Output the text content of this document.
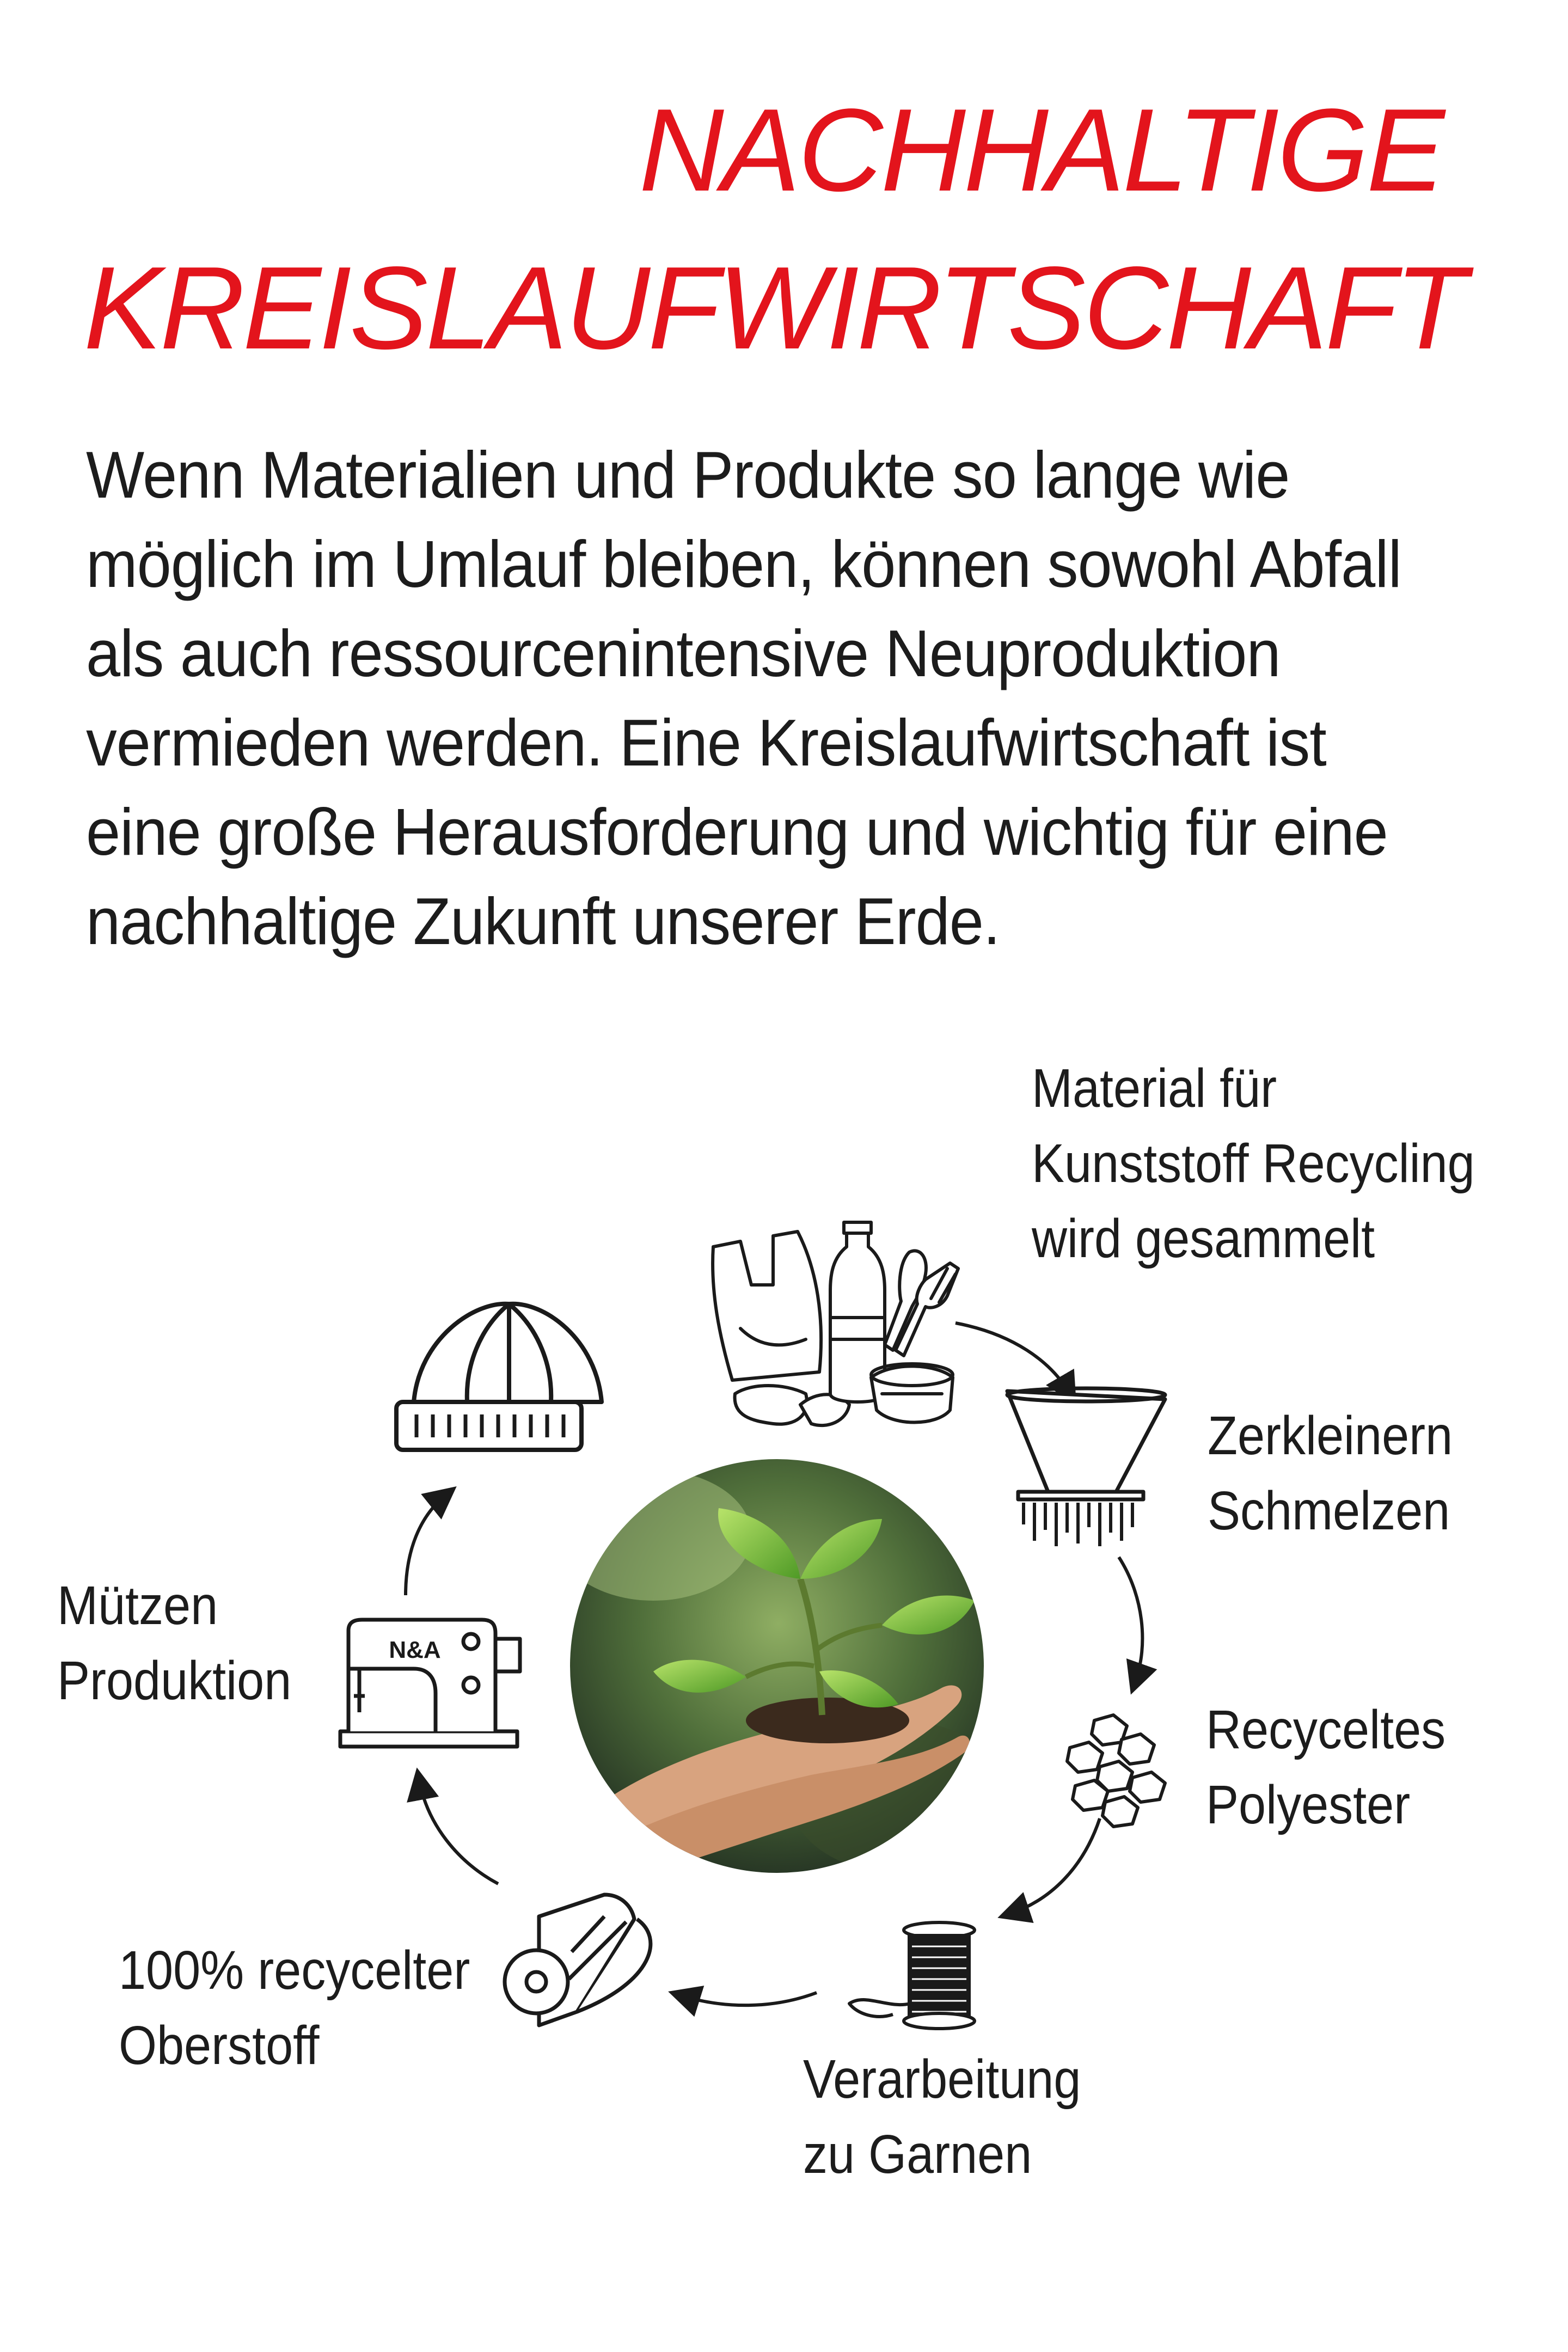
NACHHALTIGE
KREISLAUFWIRTSCHAFT
Wenn Materialien und Produkte so lange wie möglich im Umlauf bleiben, können sowohl Abfall als auch ressourcenintensive Neuproduktion vermieden werden. Eine Kreislaufwirtschaft ist eine große Herausforderung und wichtig für eine nachhaltige Zukunft unserer Erde.
Material für
Kunststoff Recycling
wird gesammelt
Zerkleinern
Schmelzen
Recyceltes
Polyester
Verarbeitung
zu Garnen
100% recycelter
Oberstoff
Mützen
Produktion
N&A
